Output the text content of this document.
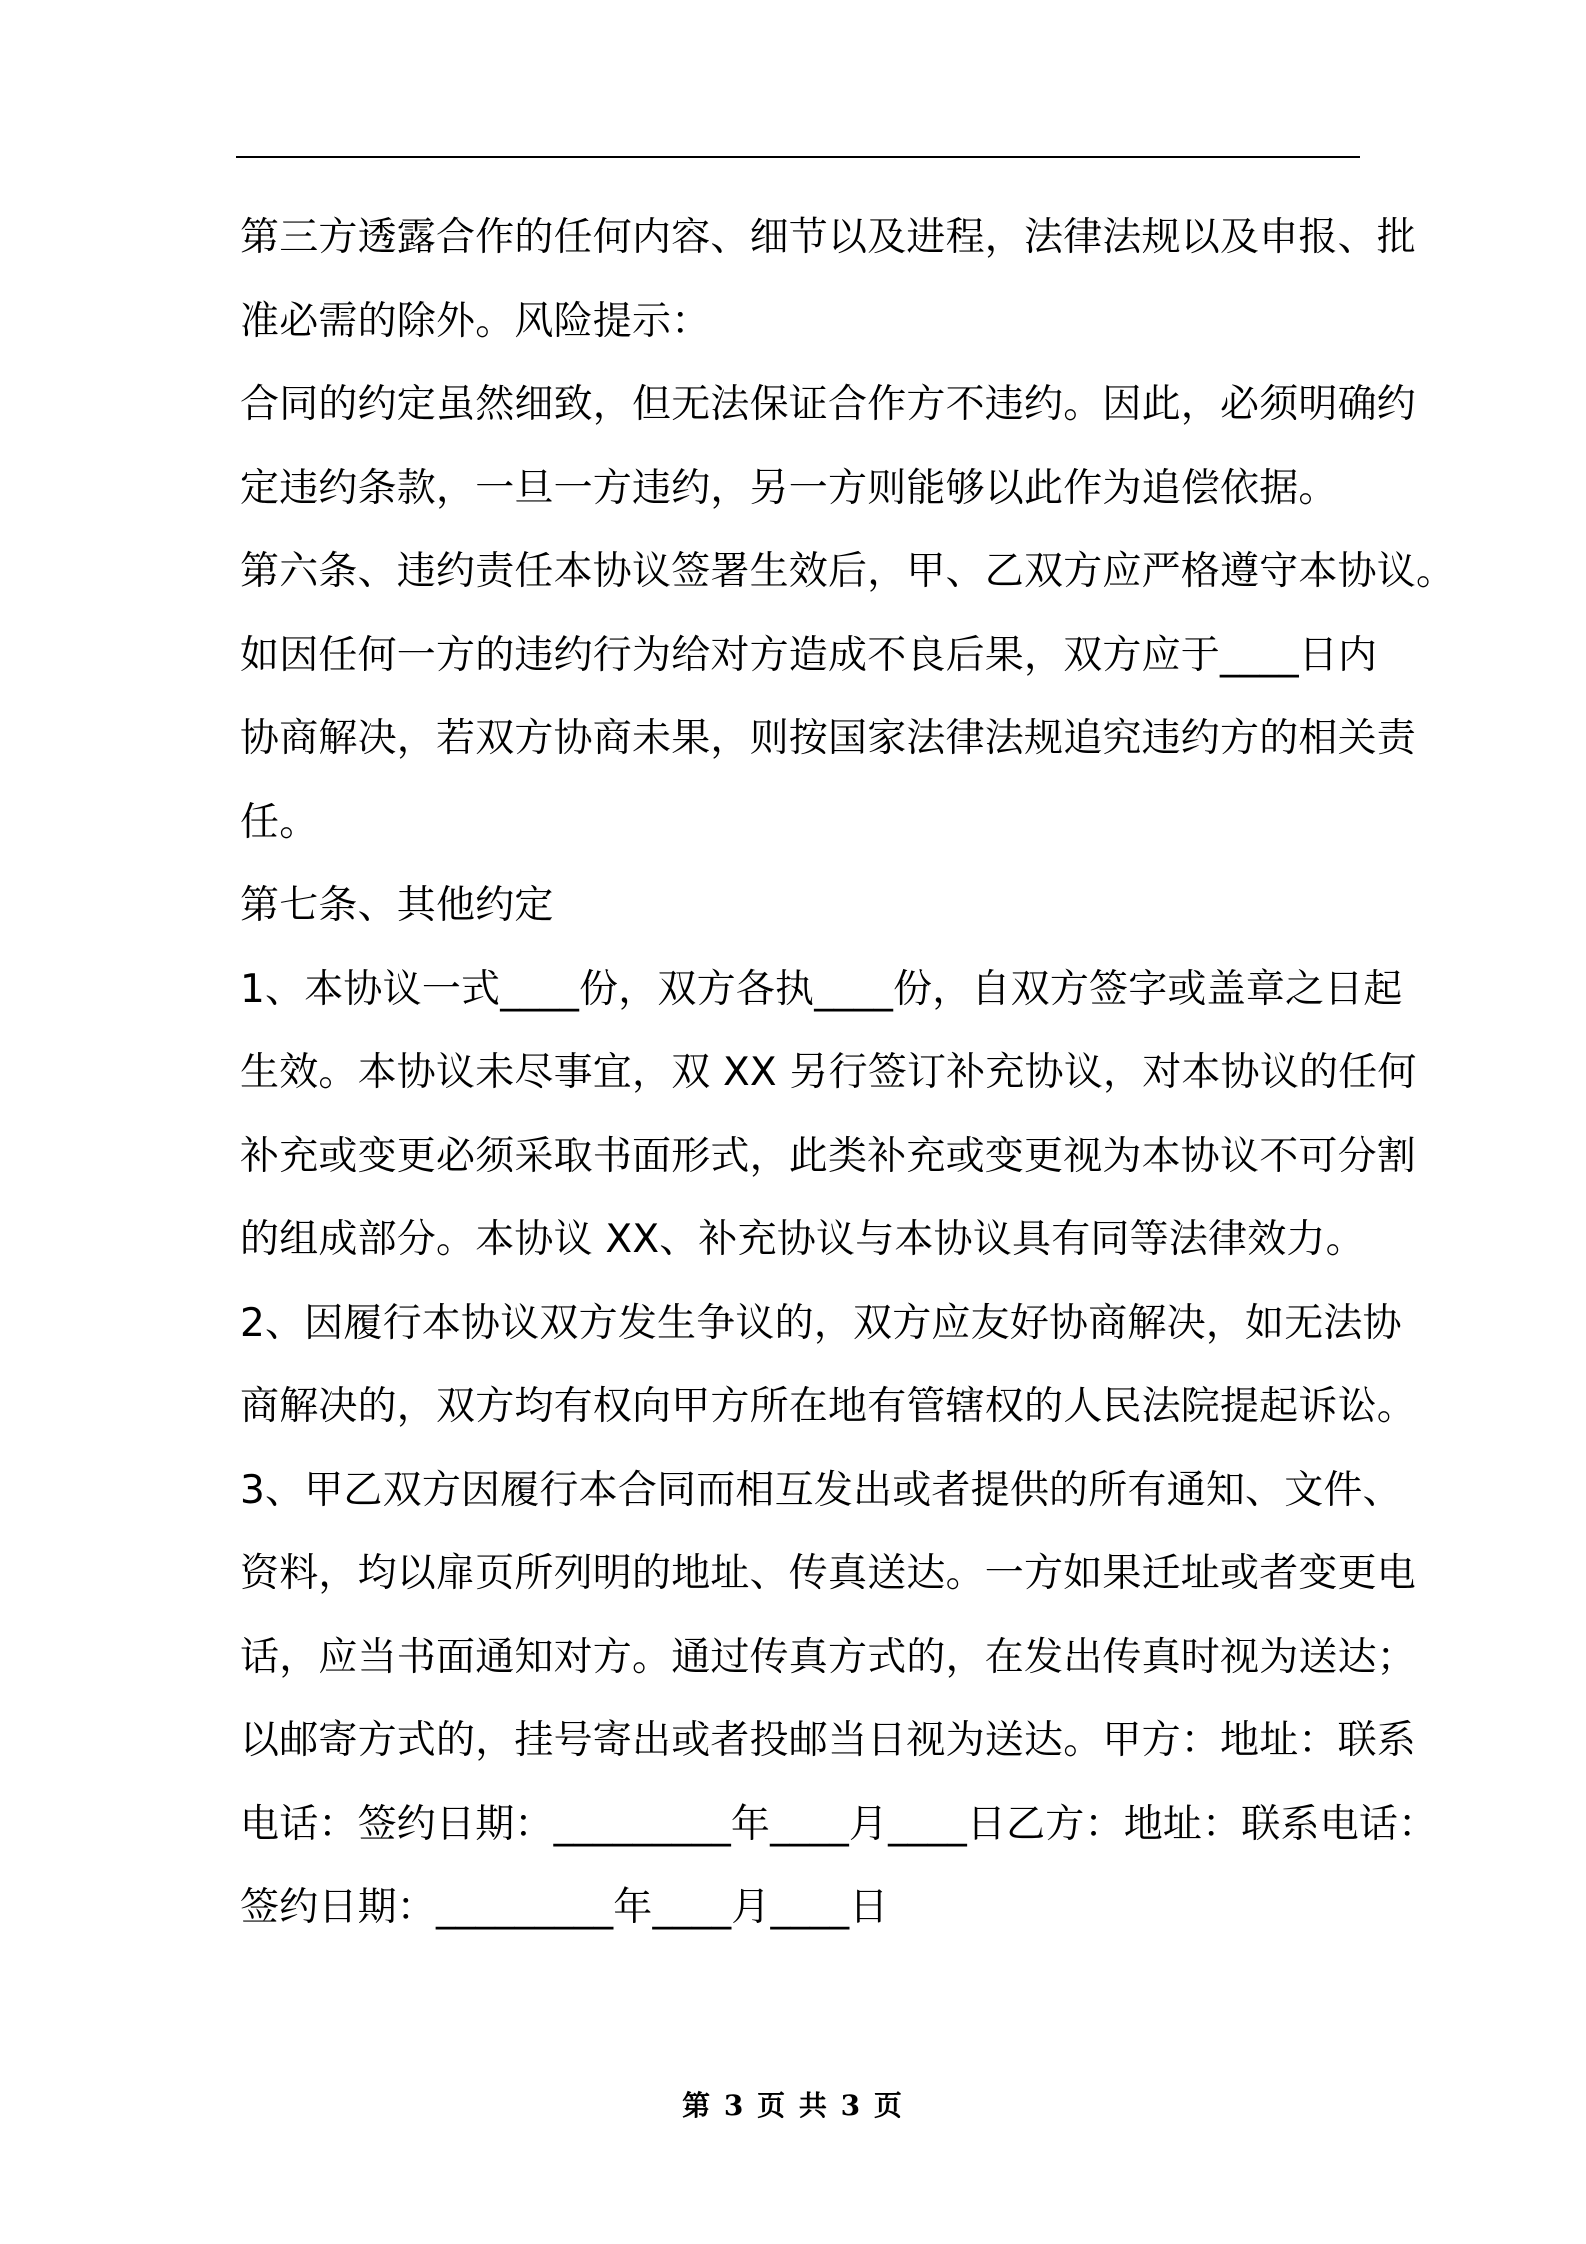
第三方透露合作的任何内容、细节以及进程，法律法规以及申报、批
准必需的除外。风险提示：
合同的约定虽然细致，但无法保证合作方不违约。因此，必须明确约
定违约条款，一旦一方违约，另一方则能够以此作为追偿依据。
第六条、违约责任本协议签署生效后，甲、乙双方应严格遵守本协议。
如因任何一方的违约行为给对方造成不良后果，双方应于____日内
协商解决，若双方协商未果，则按国家法律法规追究违约方的相关责
任。
第七条、其他约定
1、本协议一式____份，双方各执____份，自双方签字或盖章之日起
生效。本协议未尽事宜，双 XX 另行签订补充协议，对本协议的任何
补充或变更必须采取书面形式，此类补充或变更视为本协议不可分割
的组成部分。本协议 XX、补充协议与本协议具有同等法律效力。
2、因履行本协议双方发生争议的，双方应友好协商解决，如无法协
商解决的，双方均有权向甲方所在地有管辖权的人民法院提起诉讼。
3、甲乙双方因履行本合同而相互发出或者提供的所有通知、文件、
资料，均以扉页所列明的地址、传真送达。一方如果迁址或者变更电
话，应当书面通知对方。通过传真方式的，在发出传真时视为送达；
以邮寄方式的，挂号寄出或者投邮当日视为送达。甲方：地址：联系
电话：签约日期：_________年____月____日乙方：地址：联系电话：
签约日期：_________年____月____日
第 3 页 共 3 页
